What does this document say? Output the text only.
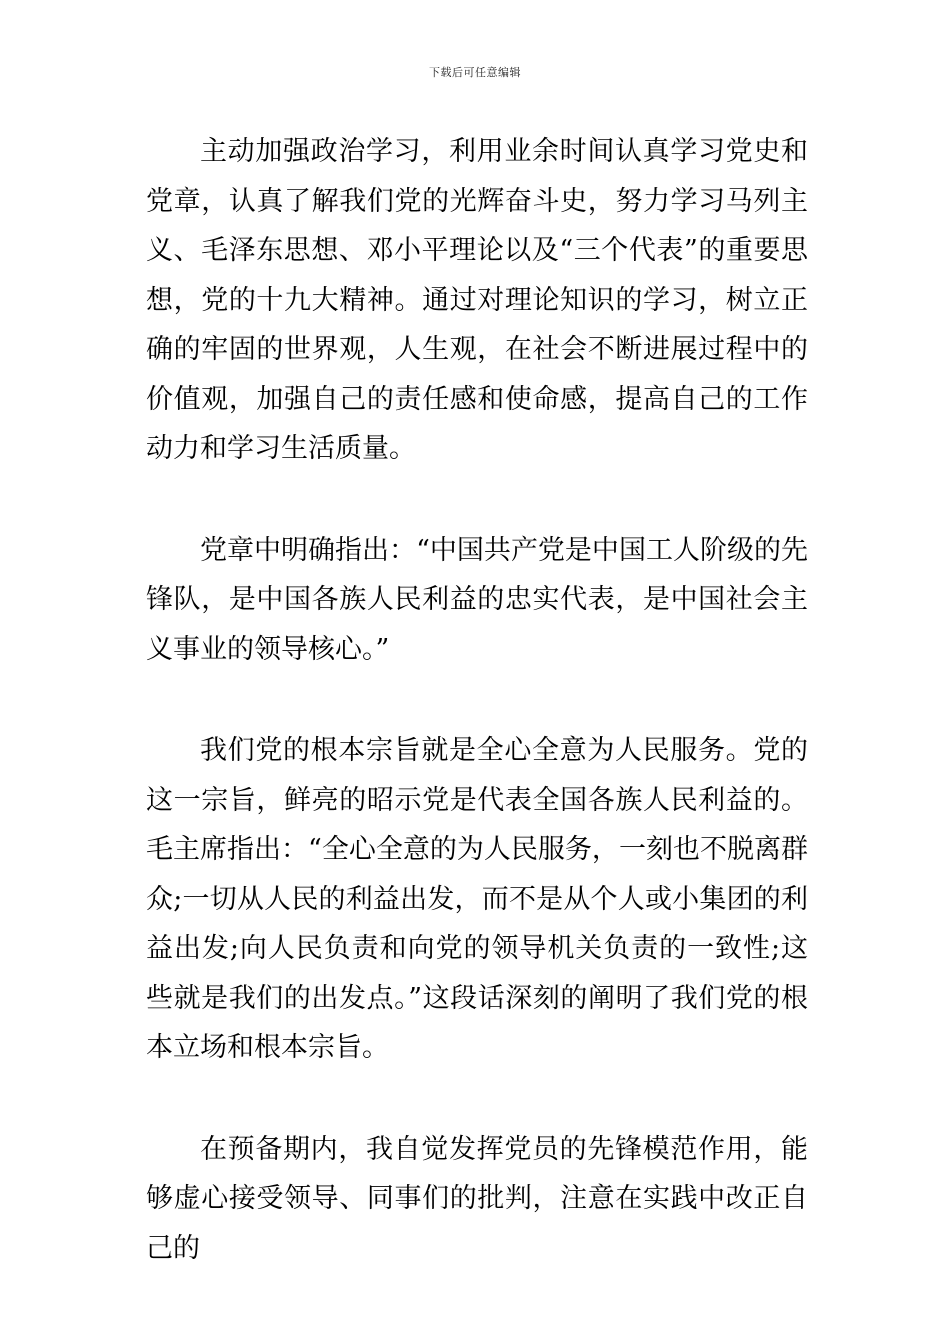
下载后可任意编辑

主动加强政治学习，利用业余时间认真学习党史和党章，认真了解我们党的光辉奋斗史，努力学习马列主义、毛泽东思想、邓小平理论以及“三个代表”的重要思想，党的十九大精神。通过对理论知识的学习，树立正确的牢固的世界观，人生观，在社会不断进展过程中的价值观，加强自己的责任感和使命感，提高自己的工作动力和学习生活质量。

党章中明确指出：“中国共产党是中国工人阶级的先锋队，是中国各族人民利益的忠实代表，是中国社会主义事业的领导核心。”

我们党的根本宗旨就是全心全意为人民服务。党的这一宗旨，鲜亮的昭示党是代表全国各族人民利益的。毛主席指出：“全心全意的为人民服务，一刻也不脱离群众;一切从人民的利益出发，而不是从个人或小集团的利益出发;向人民负责和向党的领导机关负责的一致性;这些就是我们的出发点。”这段话深刻的阐明了我们党的根本立场和根本宗旨。

在预备期内，我自觉发挥党员的先锋模范作用，能够虚心接受领导、同事们的批判，注意在实践中改正自己的
